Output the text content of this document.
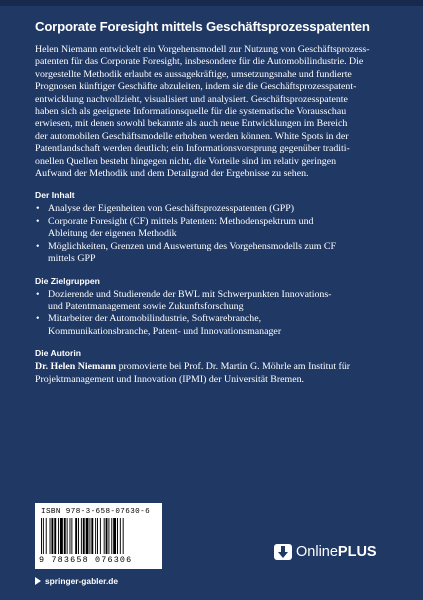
Corporate Foresight mittels Geschäftsprozesspatenten

Helen Niemann entwickelt ein Vorgehensmodell zur Nutzung von Geschäftsprozess-
patenten für das Corporate Foresight, insbesondere für die Automobilindustrie. Die
vorgestellte Methodik erlaubt es aussagekräftige, umsetzungsnahe und fundierte
Prognosen künftiger Geschäfte abzuleiten, indem sie die Geschäftsprozesspatent-
entwicklung nachvollzieht, visualisiert und analysiert. Geschäftsprozesspatente
haben sich als geeignete Informationsquelle für die systematische Vorausschau
erwiesen, mit denen sowohl bekannte als auch neue Entwicklungen im Bereich
der automobilen Geschäftsmodelle erhoben werden können. White Spots in der
Patentlandschaft werden deutlich; ein Informationsvorsprung gegenüber traditi-
onellen Quellen besteht hingegen nicht, die Vorteile sind im relativ geringen
Aufwand der Methodik und dem Detailgrad der Ergebnisse zu sehen.

Der Inhalt
• Analyse der Eigenheiten von Geschäftsprozesspatenten (GPP)
• Corporate Foresight (CF) mittels Patenten: Methodenspektrum und
Ableitung der eigenen Methodik
• Möglichkeiten, Grenzen und Auswertung des Vorgehensmodells zum CF
mittels GPP
Die Zielgruppen
• Dozierende und Studierende der BWL mit Schwerpunkten Innovations-
und Patentmanagement sowie Zukunftsforschung
• Mitarbeiter der Automobilindustrie, Softwarebranche,
Kommunikationsbranche, Patent- und Innovationsmanager
Die Autorin
Dr. Helen Niemann promovierte bei Prof. Dr. Martin G. Möhrle am Institut für
Projektmanagement und Innovation (IPMI) der Universität Bremen.
ISBN 978-3-658-07630-6
9 783658 076306	Online PLUS
springer-gabler.de
